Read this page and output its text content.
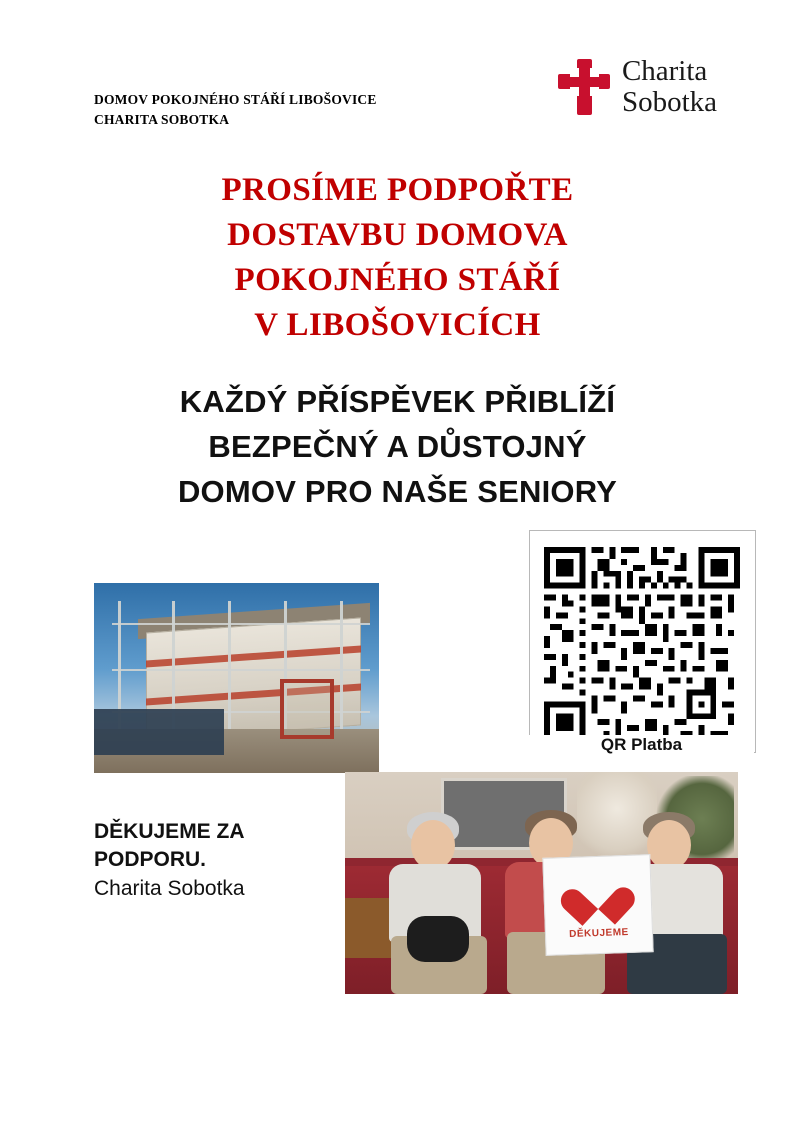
DOMOV POKOJNÉHO STÁŘÍ LIBOŠOVICE
CHARITA SOBOTKA
Charita
Sobotka
PROSÍME PODPOŘTE
DOSTAVBU DOMOVA
POKOJNÉHO STÁŘÍ
V LIBOŠOVICÍCH
KAŽDÝ PŘÍSPĚVEK PŘIBLÍŽÍ
BEZPEČNÝ A DŮSTOJNÝ
DOMOV PRO NAŠE SENIORY
QR Platba
DĚKUJEME ZA
PODPORU.
Charita Sobotka
DĚKUJEME
